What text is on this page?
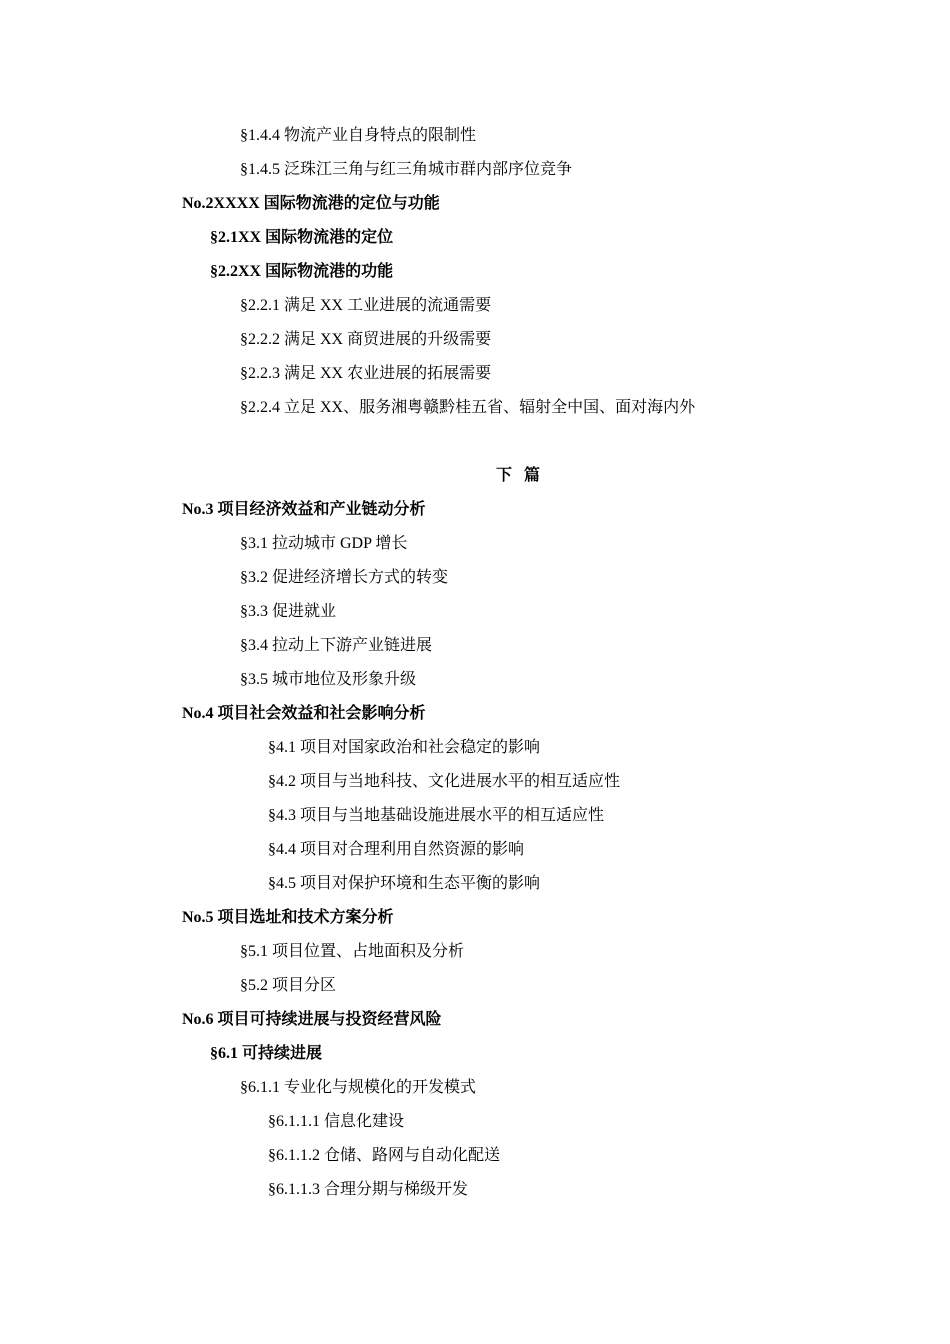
§1.4.4 物流产业自身特点的限制性
§1.4.5 泛珠江三角与红三角城市群内部序位竞争
No.2XXXX 国际物流港的定位与功能
§2.1XX 国际物流港的定位
§2.2XX 国际物流港的功能
§2.2.1 满足 XX 工业进展的流通需要
§2.2.2 满足 XX 商贸进展的升级需要
§2.2.3 满足 XX 农业进展的拓展需要
§2.2.4 立足 XX、服务湘粤赣黔桂五省、辐射全中国、面对海内外
下 篇
No.3 项目经济效益和产业链动分析
§3.1 拉动城市 GDP 增长
§3.2 促进经济增长方式的转变
§3.3 促进就业
§3.4 拉动上下游产业链进展
§3.5 城市地位及形象升级
No.4 项目社会效益和社会影响分析
§4.1 项目对国家政治和社会稳定的影响
§4.2 项目与当地科技、文化进展水平的相互适应性
§4.3 项目与当地基础设施进展水平的相互适应性
§4.4 项目对合理利用自然资源的影响
§4.5 项目对保护环境和生态平衡的影响
No.5 项目选址和技术方案分析
§5.1 项目位置、占地面积及分析
§5.2 项目分区
No.6 项目可持续进展与投资经营风险
§6.1 可持续进展
§6.1.1 专业化与规模化的开发模式
§6.1.1.1 信息化建设
§6.1.1.2 仓储、路网与自动化配送
§6.1.1.3 合理分期与梯级开发
